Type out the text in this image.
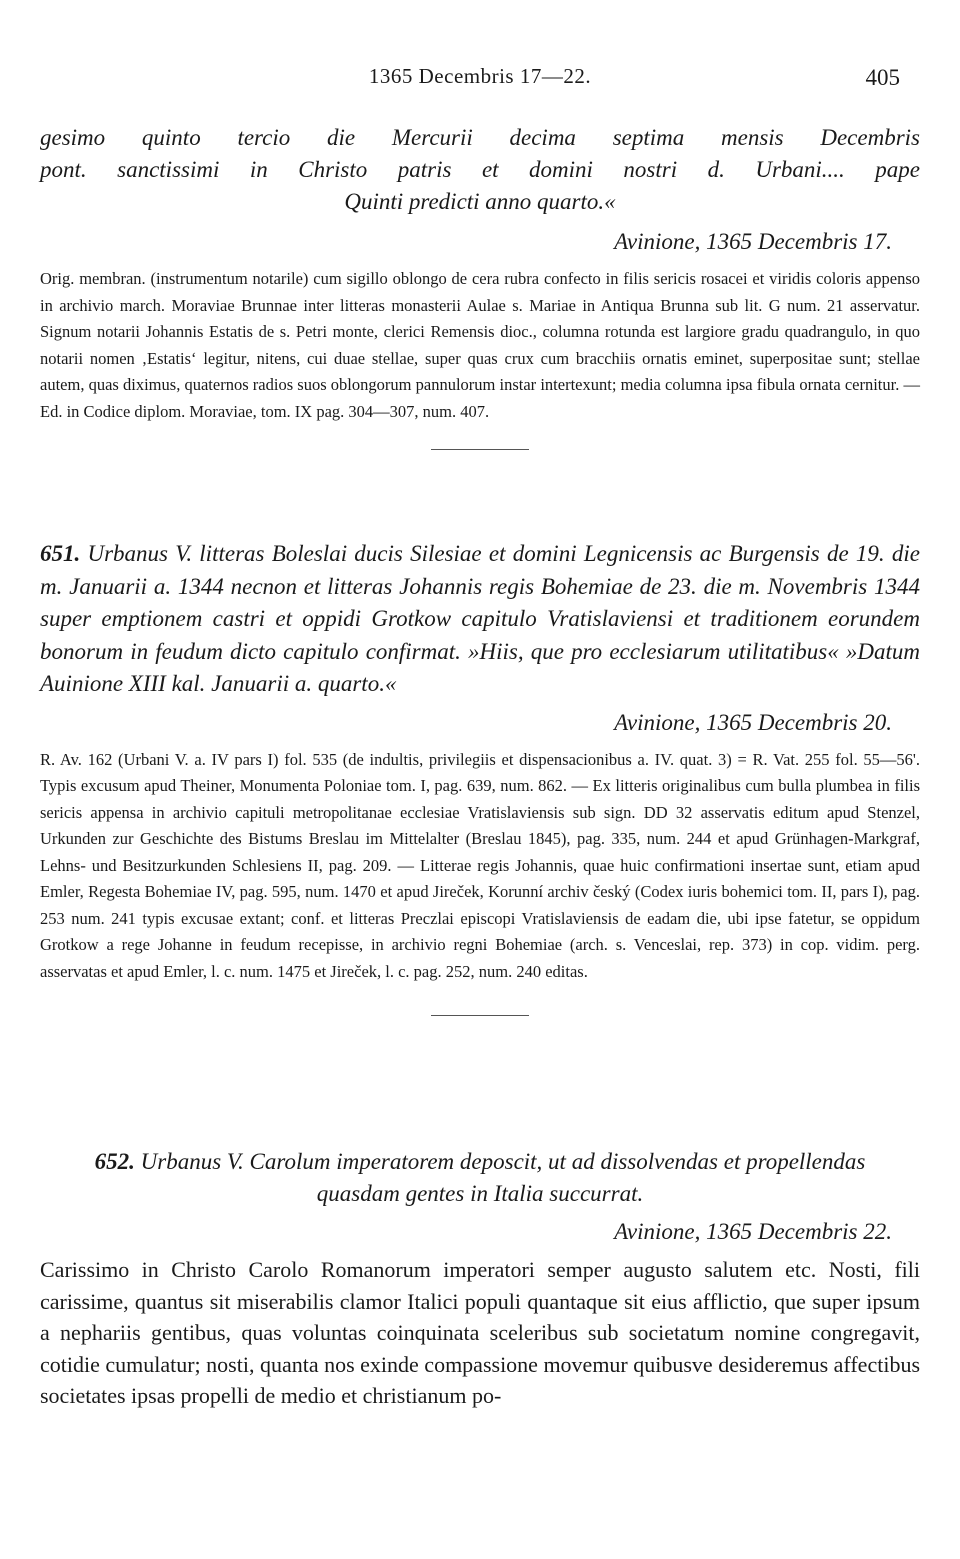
1365 Decembris 17—22.	405
gesimo quinto tercio die Mercurii decima septima mensis Decembris
pont. sanctissimi in Christo patris et domini nostri d. Urbani.... pape
Quinti predicti anno quarto.«
Avinione, 1365 Decembris 17.
Orig. membran. (instrumentum notarile) cum sigillo oblongo de cera rubra confecto in filis sericis rosacei et viridis coloris appenso in archivio march. Moraviae Brunnae inter litteras monasterii Aulae s. Mariae in Antiqua Brunna sub lit. G num. 21 asservatur. Signum notarii Johannis Estatis de s. Petri monte, clerici Remensis dioc., columna rotunda est largiore gradu quadrangulo, in quo notarii nomen ‚Estatis‘ legitur, nitens, cui duae stellae, super quas crux cum bracchiis ornatis eminet, superpositae sunt; stellae autem, quas diximus, quaternos radios suos oblongorum pannulorum instar intertexunt; media columna ipsa fibula ornata cernitur. — Ed. in Codice diplom. Moraviae, tom. IX pag. 304—307, num. 407.
651. Urbanus V. litteras Boleslai ducis Silesiae et domini Legnicensis ac Burgensis de 19. die m. Januarii a. 1344 necnon et litteras Johannis regis Bohemiae de 23. die m. Novembris 1344 super emptionem castri et oppidi Grotkow capitulo Vratislaviensi et traditionem eorundem bonorum in feudum dicto capitulo confirmat. »Hiis, que pro ecclesiarum utilitatibus« »Datum Auinione XIII kal. Januarii a. quarto.«
Avinione, 1365 Decembris 20.
R. Av. 162 (Urbani V. a. IV pars I) fol. 535 (de indultis, privilegiis et dispensacionibus a. IV. quat. 3) = R. Vat. 255 fol. 55—56'. Typis excusum apud Theiner, Monumenta Poloniae tom. I, pag. 639, num. 862. — Ex litteris originalibus cum bulla plumbea in filis sericis appensa in archivio capituli metropolitanae ecclesiae Vratislaviensis sub sign. DD 32 asservatis editum apud Stenzel, Urkunden zur Geschichte des Bistums Breslau im Mittelalter (Breslau 1845), pag. 335, num. 244 et apud Grünhagen-Markgraf, Lehns- und Besitzurkunden Schlesiens II, pag. 209. — Litterae regis Johannis, quae huic confirmationi insertae sunt, etiam apud Emler, Regesta Bohemiae IV, pag. 595, num. 1470 et apud Jireček, Korunní archiv český (Codex iuris bohemici tom. II, pars I), pag. 253 num. 241 typis excusae extant; conf. et litteras Preczlai episcopi Vratislaviensis de eadam die, ubi ipse fatetur, se oppidum Grotkow a rege Johanne in feudum recepisse, in archivio regni Bohemiae (arch. s. Venceslai, rep. 373) in cop. vidim. perg. asservatas et apud Emler, l. c. num. 1475 et Jireček, l. c. pag. 252, num. 240 editas.
652. Urbanus V. Carolum imperatorem deposcit, ut ad dissolvendas et propellendas quasdam gentes in Italia succurrat.
Avinione, 1365 Decembris 22.
Carissimo in Christo Carolo Romanorum imperatori semper augusto salutem etc. Nosti, fili carissime, quantus sit miserabilis clamor Italici populi quantaque sit eius afflictio, que super ipsum a nephariis gentibus, quas voluntas coinquinata sceleribus sub societatum nomine congregavit, cotidie cumulatur; nosti, quanta nos exinde compassione movemur quibusve desideremus affectibus societates ipsas propelli de medio et christianum po-
